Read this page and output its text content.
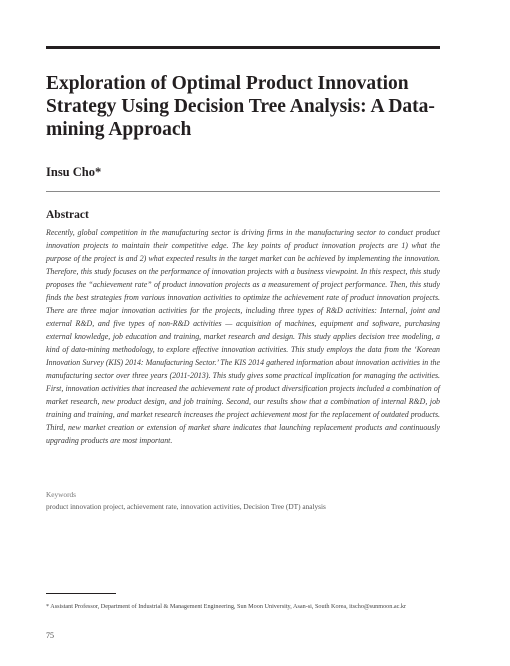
Exploration of Optimal Product Innovation Strategy Using Decision Tree Analysis: A Data-mining Approach
Insu Cho*
Abstract

Recently, global competition in the manufacturing sector is driving firms in the manufacturing sector to conduct product innovation projects to maintain their competitive edge. The key points of product innovation projects are 1) what the purpose of the project is and 2) what expected results in the target market can be achieved by implementing the innovation. Therefore, this study focuses on the performance of innovation projects with a business viewpoint. In this respect, this study proposes the “achievement rate” of product innovation projects as a measurement of project performance. Then, this study finds the best strategies from various innovation activities to optimize the achievement rate of product innovation projects. There are three major innovation activities for the projects, including three types of R&D activities: Internal, joint and external R&D, and five types of non-R&D activities — acquisition of machines, equipment and software, purchasing external knowledge, job education and training, market research and design. This study applies decision tree modeling, a kind of data-mining methodology, to explore effective innovation activities. This study employs the data from the ‘Korean Innovation Survey (KIS) 2014: Manufacturing Sector.’ The KIS 2014 gathered information about innovation activities in the manufacturing sector over three years (2011-2013). This study gives some practical implication for managing the activities. First, innovation activities that increased the achievement rate of product diversification projects included a combination of market research, new product design, and job training. Second, our results show that a combination of internal R&D, job training and training, and market research increases the project achievement most for the replacement of outdated products. Third, new market creation or extension of market share indicates that launching replacement products and continuously upgrading products are most important.

Keywords
product innovation project, achievement rate, innovation activities, Decision Tree (DT) analysis
* Assistant Professor, Department of Industrial & Management Engineering, Sun Moon University, Asan-si, South Korea, itscho@sunmoon.ac.kr
75
